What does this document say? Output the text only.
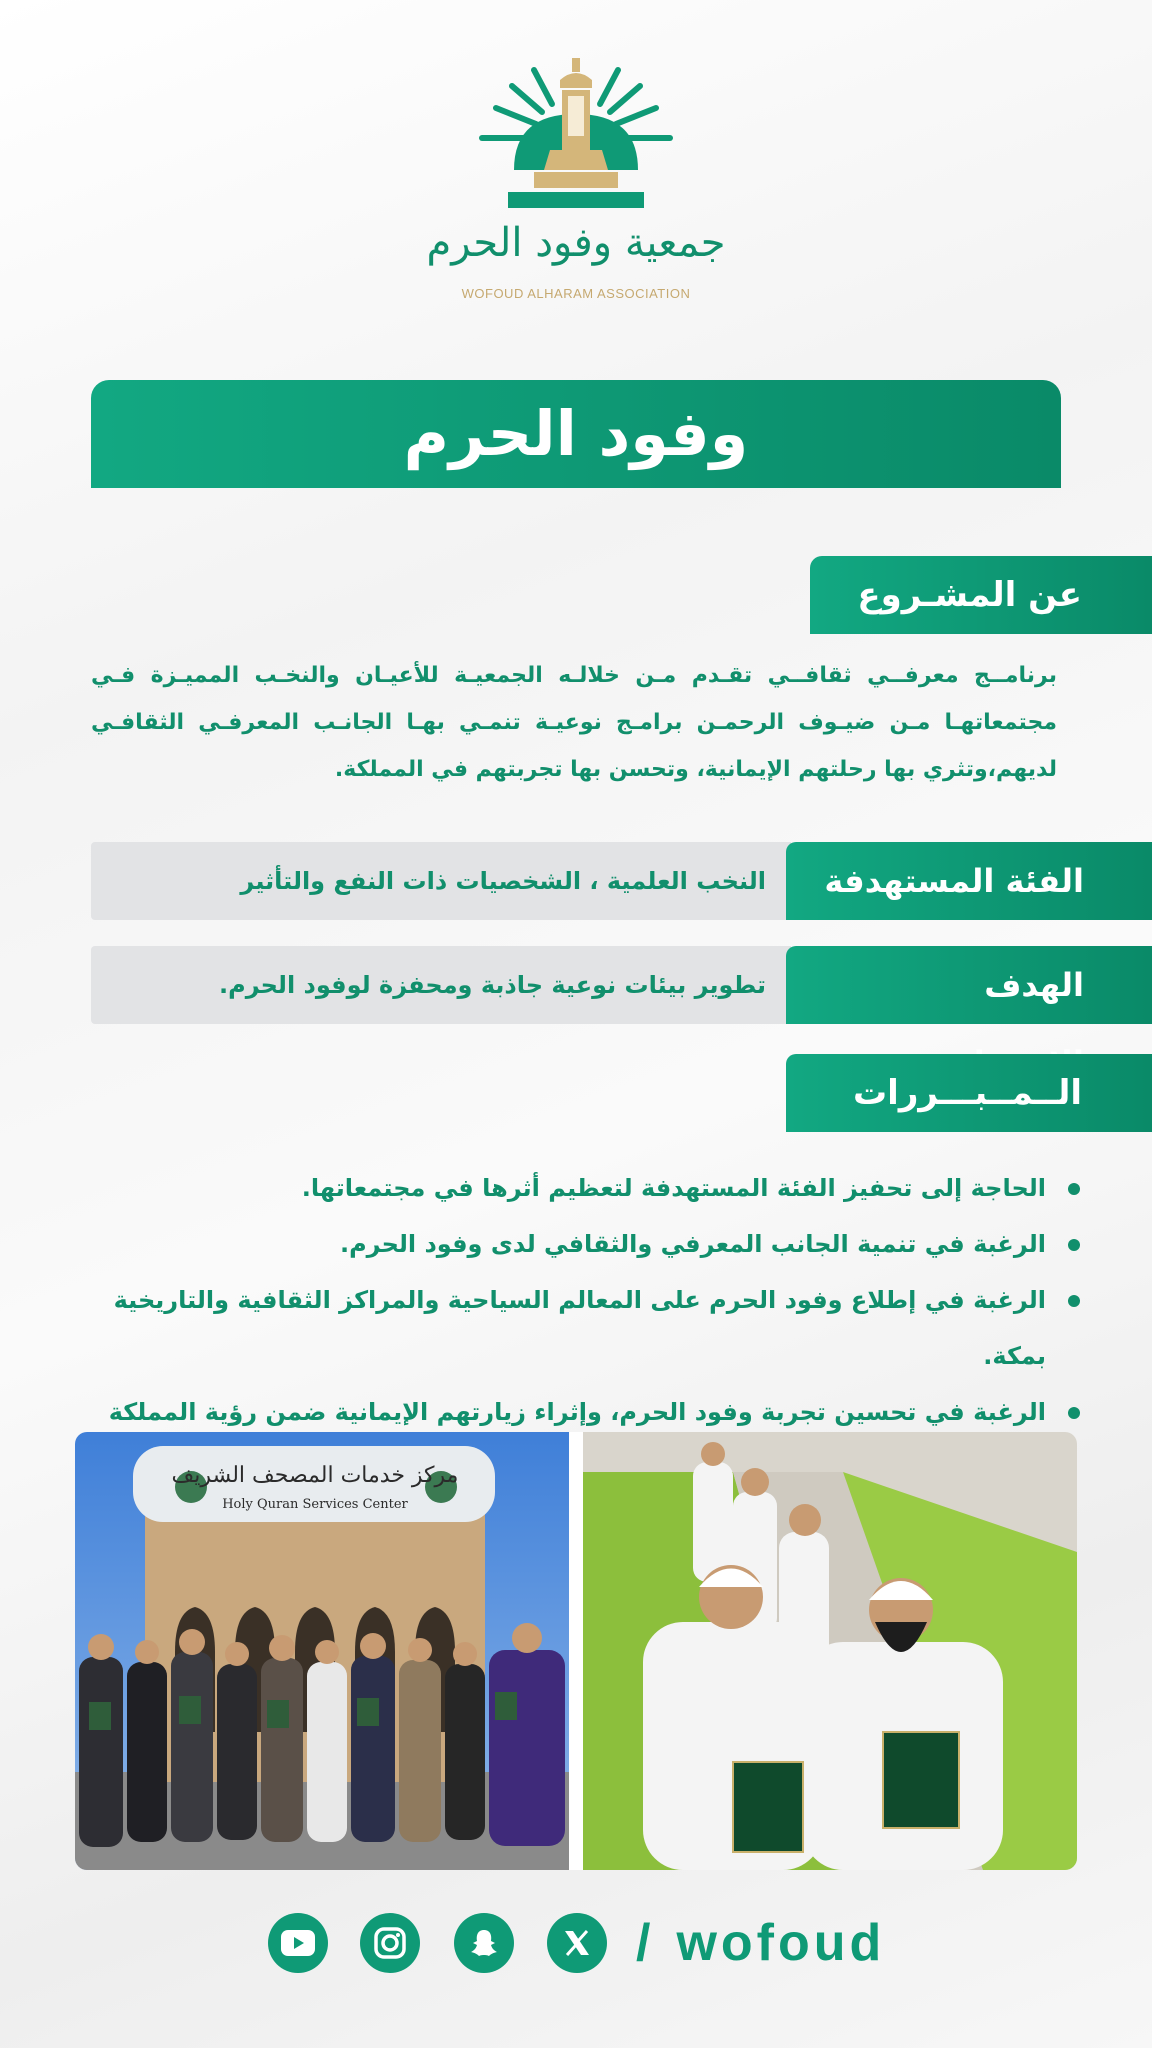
جمعية وفود الحرم
WOFOUD ALHARAM ASSOCIATION
وفود الحرم
عن المشـروع
برنامــج معرفــي ثقافــي تقـدم مـن خلالـه الجمعيـة للأعيـان والنخـب المميـزة فـي مجتمعاتهـا مـن ضيـوف الرحمـن برامـج نوعيـة تنمـي بهـا الجانـب المعرفـي الثقافـي لديهم،وتثري بها رحلتهم الإيمانية، وتحسن بها تجربتهم في المملكة.
النخب العلمية ، الشخصيات ذات النفع والتأثير	الفئة المستهدفة
تطوير بيئات نوعية جاذبة ومحفزة لوفود الحرم.	الهدف
الــمــبـــررات
الحاجة إلى تحفيز الفئة المستهدفة لتعظيم أثرها في مجتمعاتها.
الرغبة في تنمية الجانب المعرفي والثقافي لدى وفود الحرم.
الرغبة في إطلاع وفود الحرم على المعالم السياحية والمراكز الثقافية والتاريخية بمكة.
الرغبة في تحسين تجربة وفود الحرم، وإثراء زيارتهم الإيمانية ضمن رؤية المملكة
مركز خدمات المصحف الشريف
Holy Quran Services Center
/ wofoud
